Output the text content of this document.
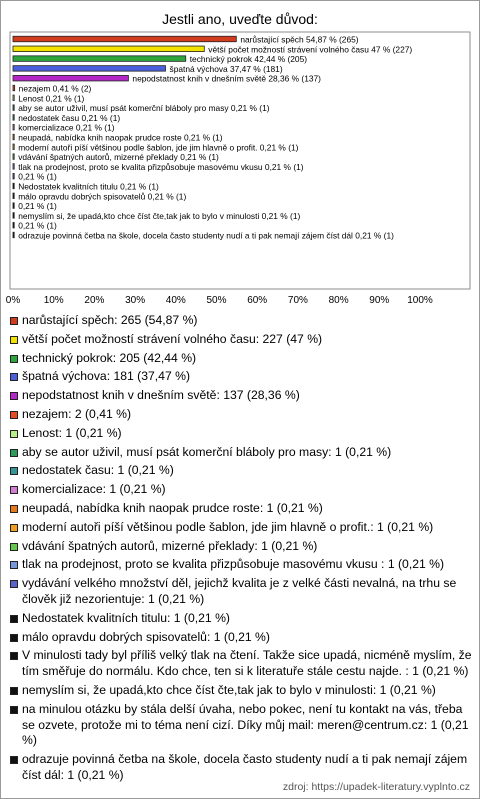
Jestli ano, uveďte důvod:
narůstající spěch 54,87 % (265)
větší počet možností strávení volného času 47 % (227)
technický pokrok 42,44 % (205)
špatná výchova 37,47 % (181)
nepodstatnost knih v dnešním světě 28,36 % (137)
nezajem 0,41 % (2)
Lenost 0,21 % (1)
aby se autor uživil, musí psát komerční bláboly pro masy 0,21 % (1)
nedostatek času 0,21 % (1)
komercializace 0,21 % (1)
neupadá, nabídka knih naopak prudce roste 0,21 % (1)
moderní autoři píší většinou podle šablon, jde jim hlavně o profit. 0,21 % (1)
vdávání špatných autorů, mizerné překlady 0,21 % (1)
tlak na prodejnost, proto se kvalita přizpůsobuje masovému vkusu 0,21 % (1)
0,21 % (1)
Nedostatek kvalitních titulu 0,21 % (1)
málo opravdu dobrých spisovatelů 0,21 % (1)
0,21 % (1)
nemyslím si, že upadá,kto chce číst čte,tak jak to bylo v minulosti 0,21 % (1)
0,21 % (1)
odrazuje povinná četba na škole, docela často studenty nudí a ti pak nemají zájem číst dál 0,21 % (1)
0% 10% 20% 30% 40% 50% 60% 70% 80% 90% 100%
narůstající spěch: 265 (54,87 %)
větší počet možností strávení volného času: 227 (47 %)
technický pokrok: 205 (42,44 %)
špatná výchova: 181 (37,47 %)
nepodstatnost knih v dnešním světě: 137 (28,36 %)
nezajem: 2 (0,41 %)
Lenost: 1 (0,21 %)
aby se autor uživil, musí psát komerční bláboly pro masy: 1 (0,21 %)
nedostatek času: 1 (0,21 %)
komercializace: 1 (0,21 %)
neupadá, nabídka knih naopak prudce roste: 1 (0,21 %)
moderní autoři píší většinou podle šablon, jde jim hlavně o profit.: 1 (0,21 %)
vdávání špatných autorů, mizerné překlady: 1 (0,21 %)
tlak na prodejnost, proto se kvalita přizpůsobuje masovému vkusu : 1 (0,21 %)
vydávání velkého množství děl, jejichž kvalita je z velké části nevalná, na trhu se člověk již nezorientuje: 1 (0,21 %)
Nedostatek kvalitních titulu: 1 (0,21 %)
málo opravdu dobrých spisovatelů: 1 (0,21 %)
V minulosti tady byl příliš velký tlak na čtení. Takže sice upadá, nicméně myslím, že tím směřuje do normálu. Kdo chce, ten si k literatuře stále cestu najde. : 1 (0,21 %)
nemyslím si, že upadá,kto chce číst čte,tak jak to bylo v minulosti: 1 (0,21 %)
na minulou otázku by stála delší úvaha, nebo pokec, není tu kontakt na vás, třeba se ozvete, protože mi to téma není cizí. Díky můj mail: meren@centrum.cz: 1 (0,21 %)
odrazuje povinná četba na škole, docela často studenty nudí a ti pak nemají zájem číst dál: 1 (0,21 %)
zdroj: https://upadek-literatury.vyplnto.cz
